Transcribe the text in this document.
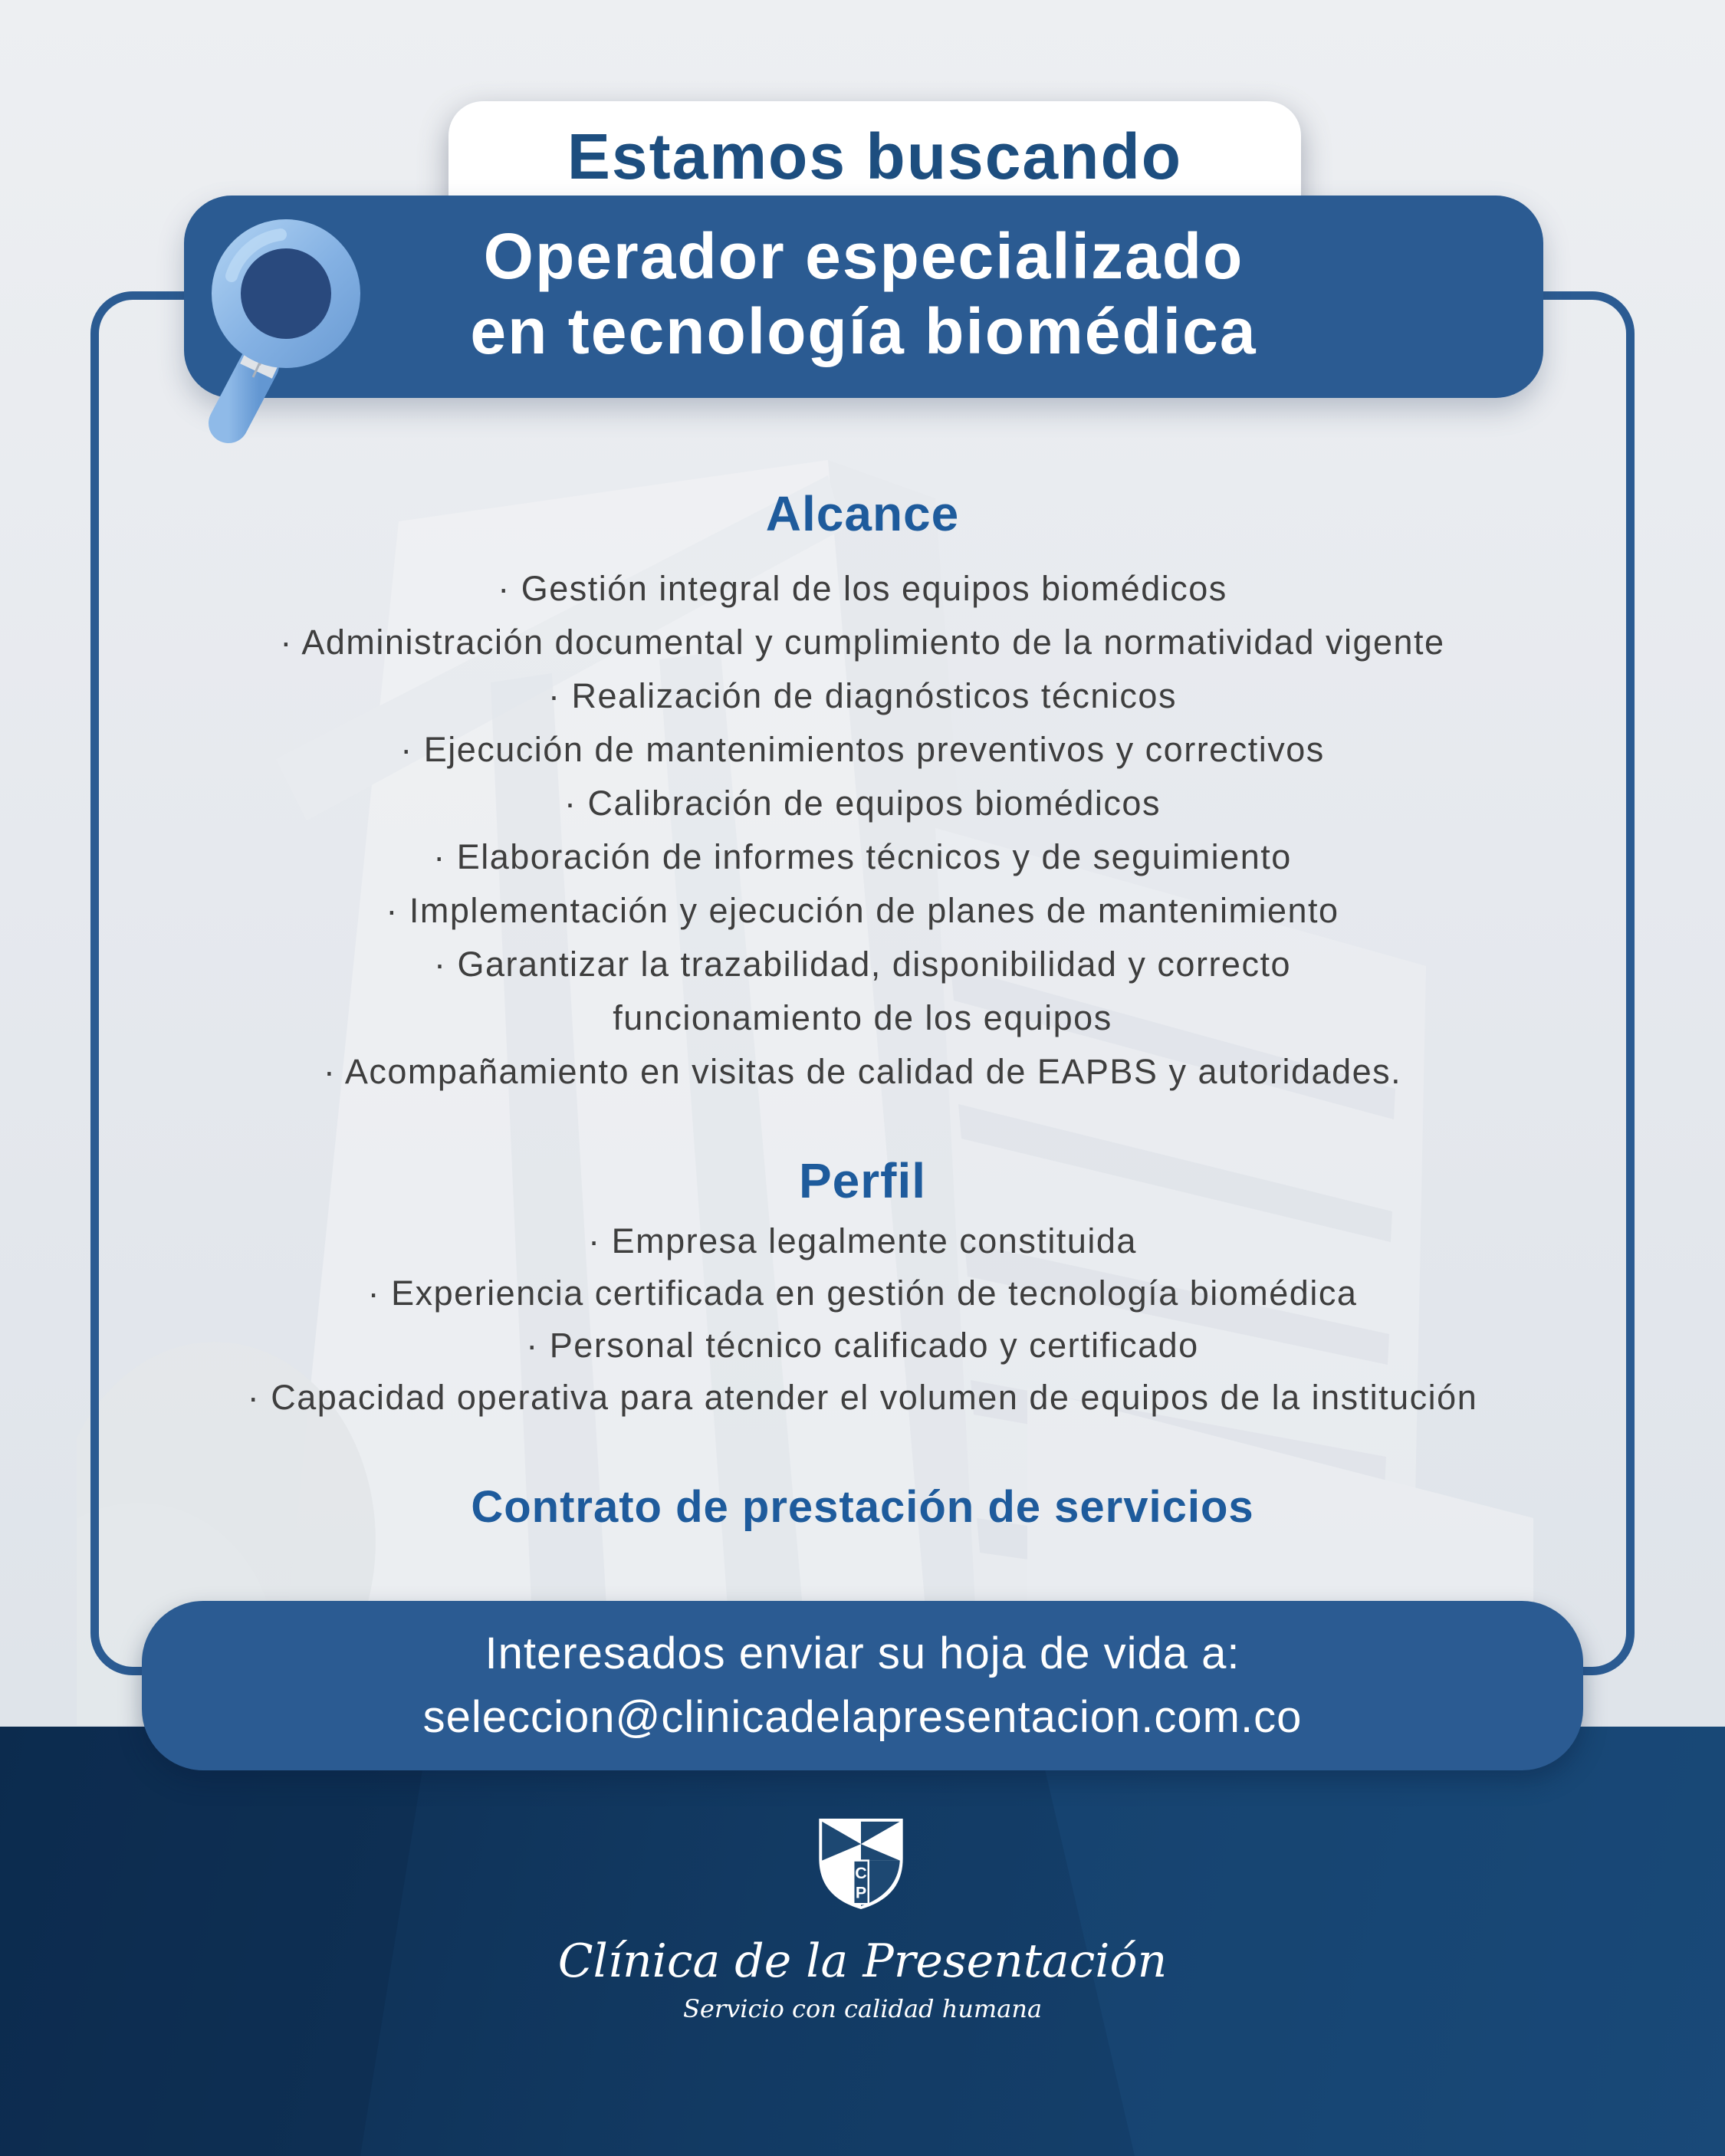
Estamos buscando
Operador especializado
en tecnología biomédica
Alcance
· Gestión integral de los equipos biomédicos
· Administración documental y cumplimiento de la normatividad vigente
· Realización de diagnósticos técnicos
· Ejecución de mantenimientos preventivos y correctivos
· Calibración de equipos biomédicos
· Elaboración de informes técnicos y de seguimiento
· Implementación y ejecución de planes de mantenimiento
· Garantizar la trazabilidad, disponibilidad y correcto
funcionamiento de los equipos
· Acompañamiento en visitas de calidad de EAPBS y autoridades.
Perfil
· Empresa legalmente constituida
· Experiencia certificada en gestión de tecnología biomédica
· Personal técnico calificado y certificado
· Capacidad operativa para atender el volumen de equipos de la institución
Contrato de prestación de servicios
Interesados enviar su hoja de vida a:
seleccion@clinicadelapresentacion.com.co
C
P
Clínica de la Presentación
Servicio con calidad humana
